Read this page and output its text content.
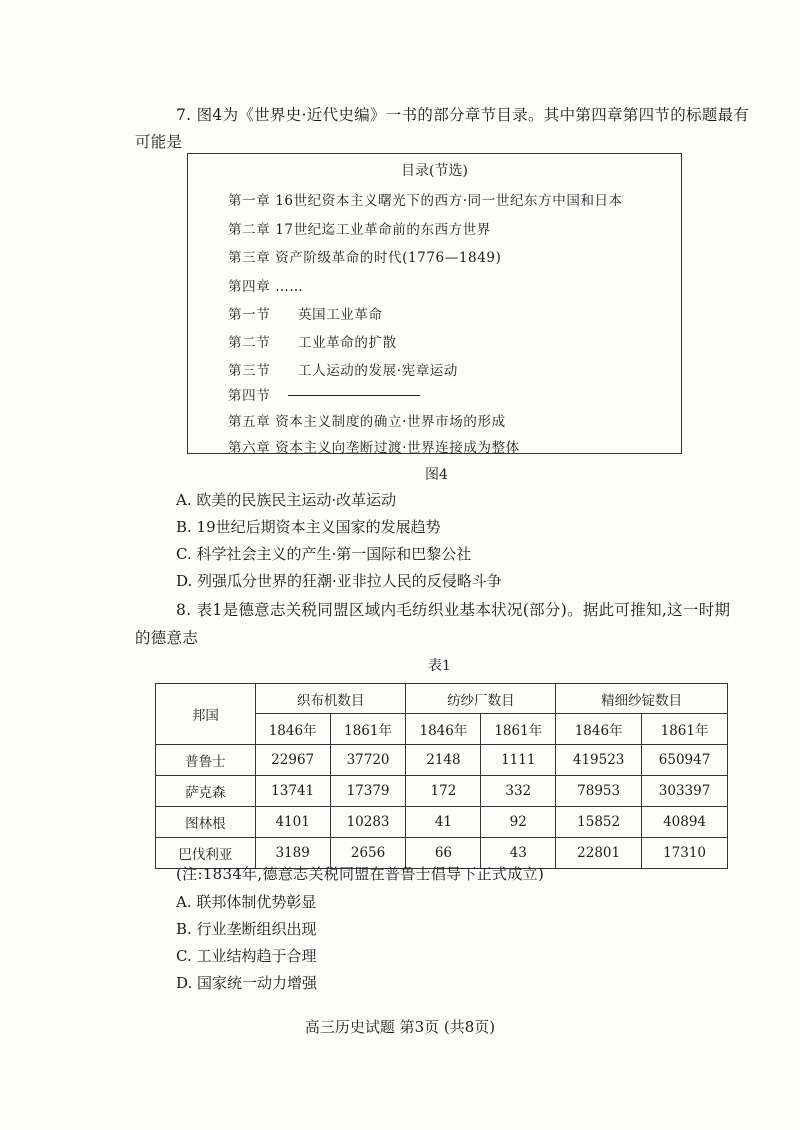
7. 图4为《世界史·近代史编》一书的部分章节目录。其中第四章第四节的标题最有
可能是
目录(节选)
第一章 16世纪资本主义曙光下的西方·同一世纪东方中国和日本
第二章 17世纪迄工业革命前的东西方世界
第三章 资产阶级革命的时代(1776—1849)
第四章 ……
第一节 英国工业革命
第二节 工业革命的扩散
第三节 工人运动的发展·宪章运动
第四节
第五章 资本主义制度的确立·世界市场的形成
第六章 资本主义向垄断过渡·世界连接成为整体
图4
A. 欧美的民族民主运动·改革运动
B. 19世纪后期资本主义国家的发展趋势
C. 科学社会主义的产生·第一国际和巴黎公社
D. 列强瓜分世界的狂潮·亚非拉人民的反侵略斗争
8. 表1是德意志关税同盟区域内毛纺织业基本状况(部分)。据此可推知,这一时期
的德意志
表1
邦国	织布机数目		纺纱厂数目		精细纱锭数目	
	1846年	1861年	1846年	1861年	1846年	1861年
普鲁士	22967	37720	2148	1111	419523	650947
萨克森	13741	17379	172	332	78953	303397
图林根	4101	10283	41	92	15852	40894
巴伐利亚	3189	2656	66	43	22801	17310
(注:1834年,德意志关税同盟在普鲁士倡导下正式成立)
A. 联邦体制优势彰显
B. 行业垄断组织出现
C. 工业结构趋于合理
D. 国家统一动力增强
高三历史试题 第3页 (共8页)
